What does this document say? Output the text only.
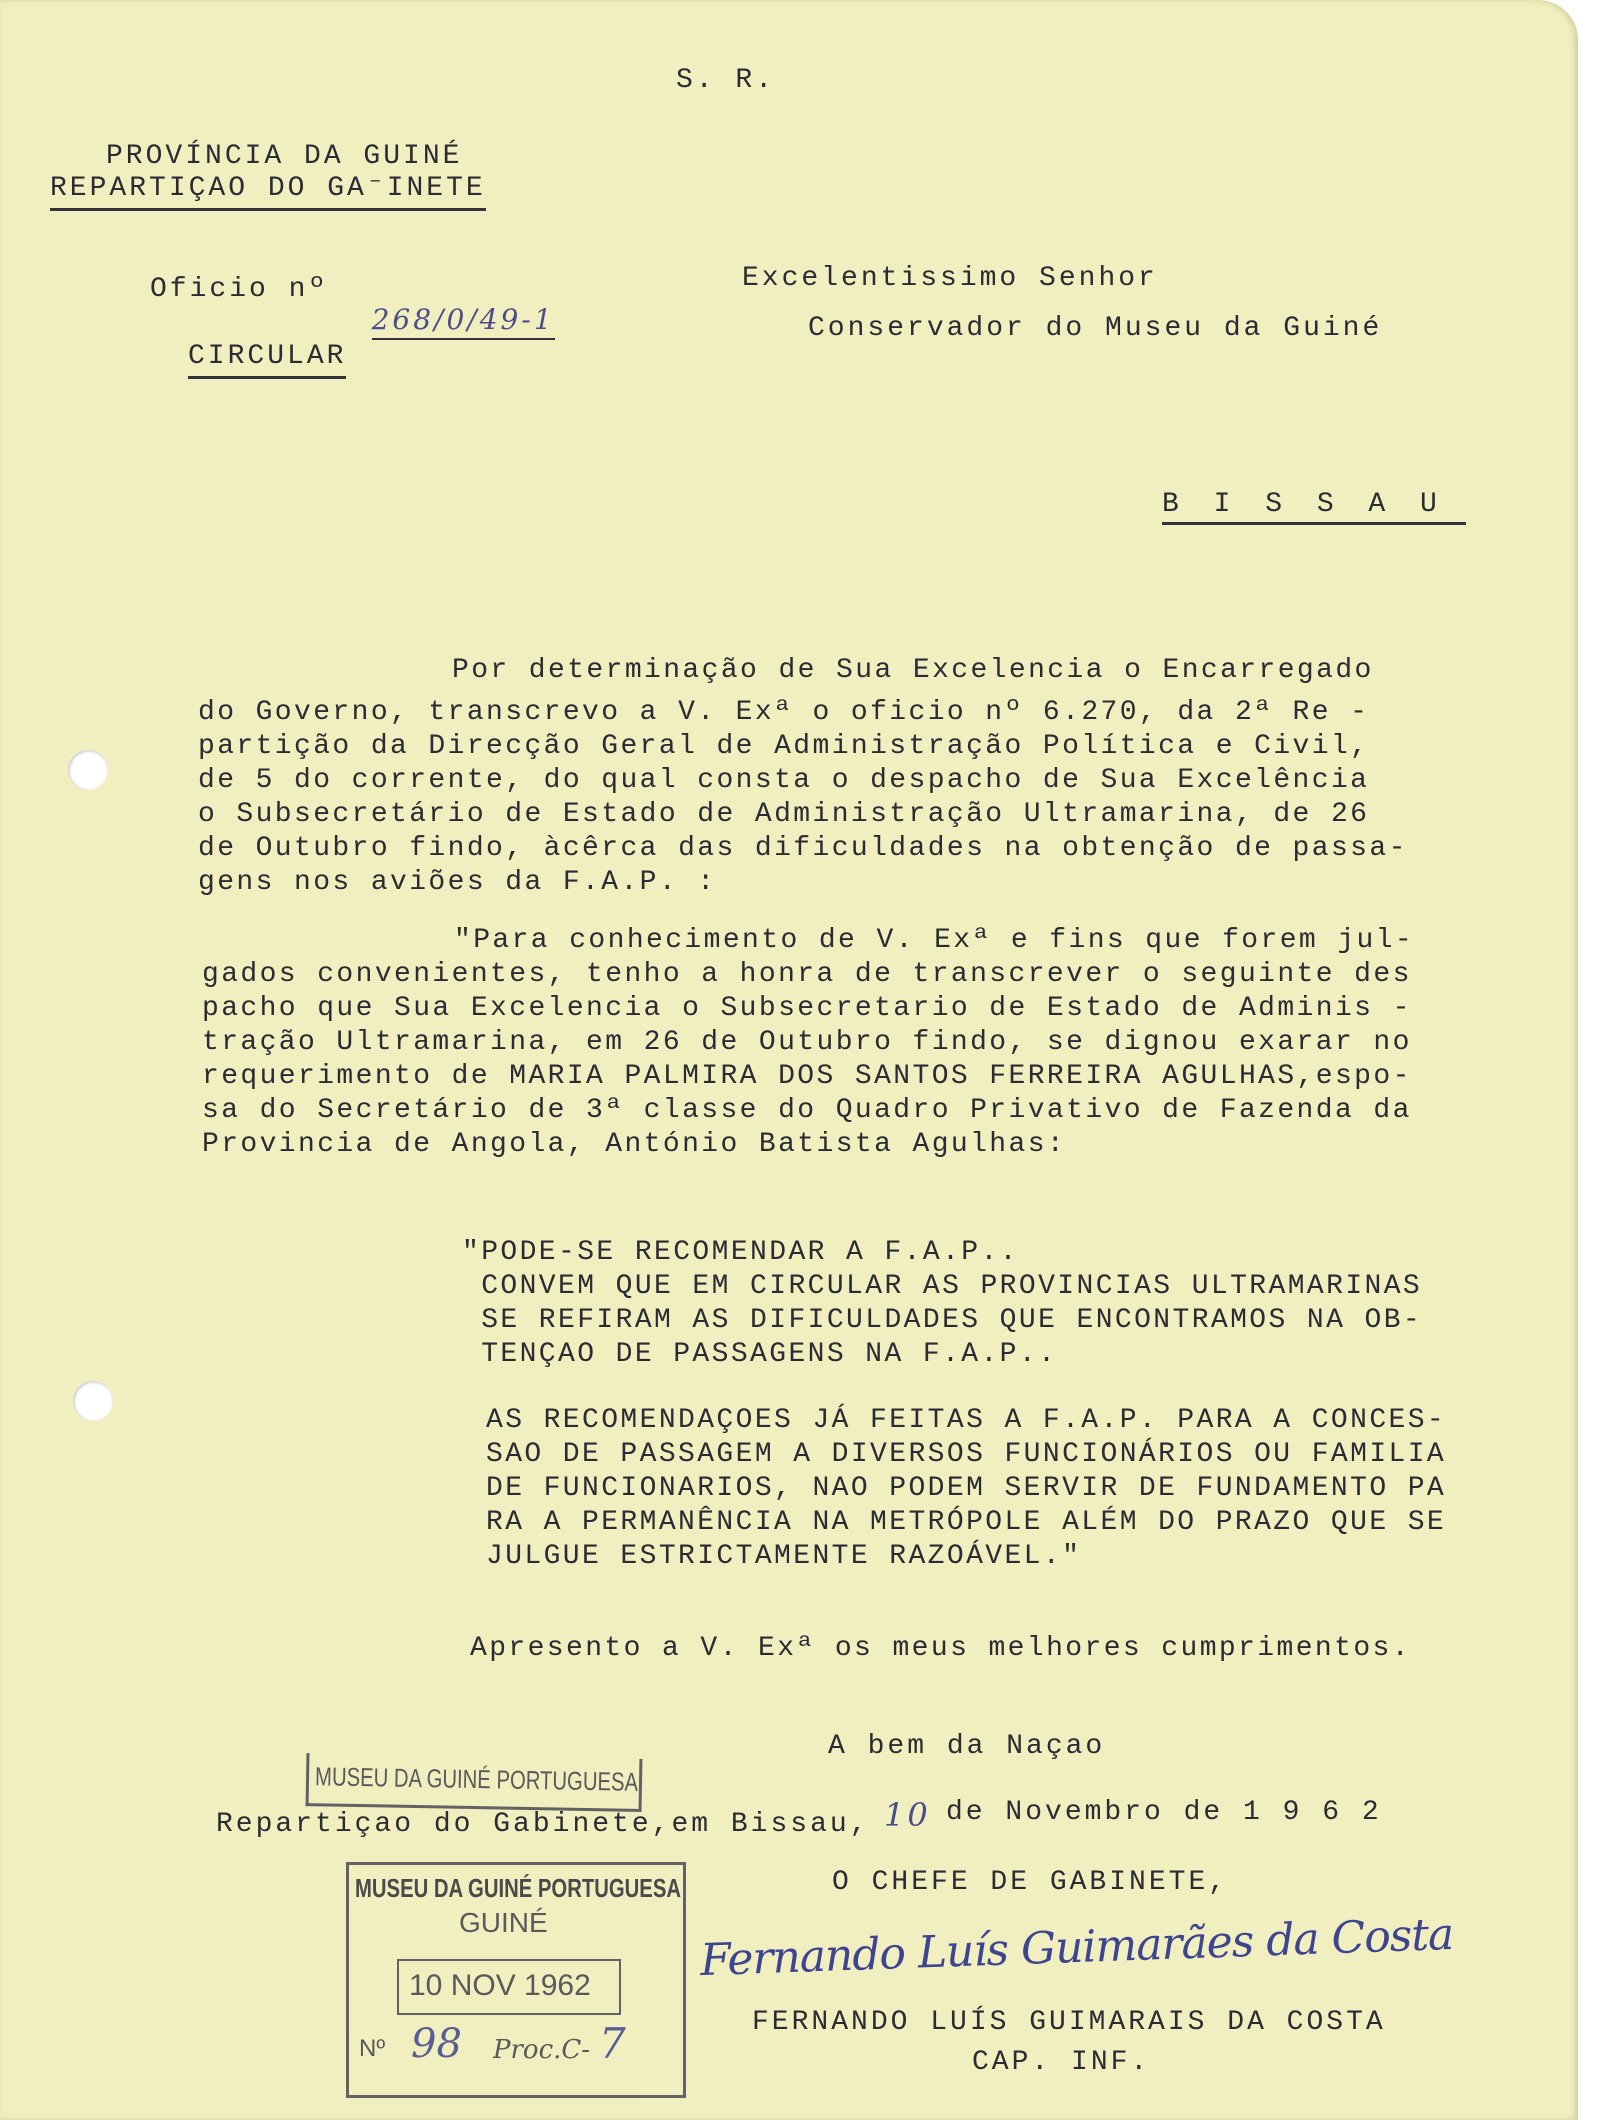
S. R.
PROVÍNCIA DA GUINÉ
REPARTIÇAO DO GA⁻INETE
Oficio nº

268/0/49-1

CIRCULAR
Excelentissimo Senhor
Conservador do Museu da Guiné
B I S S A U
Por determinação de Sua Excelencia o Encarregado
do Governo, transcrevo a V. Exª o oficio nº 6.270, da 2ª Re -
partição da Direcção Geral de Administração Política e Civil,
de 5 do corrente, do qual consta o despacho de Sua Excelência
o Subsecretário de Estado de Administração Ultramarina, de 26
de Outubro findo, àcêrca das dificuldades na obtenção de passa-
gens nos aviões da F.A.P. :
"Para conhecimento de V. Exª e fins que forem jul-
gados convenientes, tenho a honra de transcrever o seguinte des
pacho que Sua Excelencia o Subsecretario de Estado de Adminis -
tração Ultramarina, em 26 de Outubro findo, se dignou exarar no
requerimento de MARIA PALMIRA DOS SANTOS FERREIRA AGULHAS,espo-
sa do Secretário de 3ª classe do Quadro Privativo de Fazenda da
Provincia de Angola, António Batista Agulhas:
"PODE-SE RECOMENDAR A F.A.P..
CONVEM QUE EM CIRCULAR AS PROVINCIAS ULTRAMARINAS
SE REFIRAM AS DIFICULDADES QUE ENCONTRAMOS NA OB-
TENÇAO DE PASSAGENS NA F.A.P..
AS RECOMENDAÇOES JÁ FEITAS A F.A.P. PARA A CONCES-
SAO DE PASSAGEM A DIVERSOS FUNCIONÁRIOS OU FAMILIA
DE FUNCIONARIOS, NAO PODEM SERVIR DE FUNDAMENTO PA
RA A PERMANÊNCIA NA METRÓPOLE ALÉM DO PRAZO QUE SE
JULGUE ESTRICTAMENTE RAZOÁVEL."
Apresento a V. Exª os meus melhores cumprimentos.
A bem da Naçao
Repartiçao do Gabinete,em Bissau, 10 de Novembro de 1 9 6 2
O CHEFE DE GABINETE,
Fernando Luís Guimarães da Costa
FERNANDO LUÍS GUIMARAIS DA COSTA
CAP. INF.
MUSEU DA GUINÉ PORTUGUESA
MUSEU DA GUINÉ PORTUGUESA
GUINÉ
10 NOV 1962
Nº 98 Proc.C- 7
